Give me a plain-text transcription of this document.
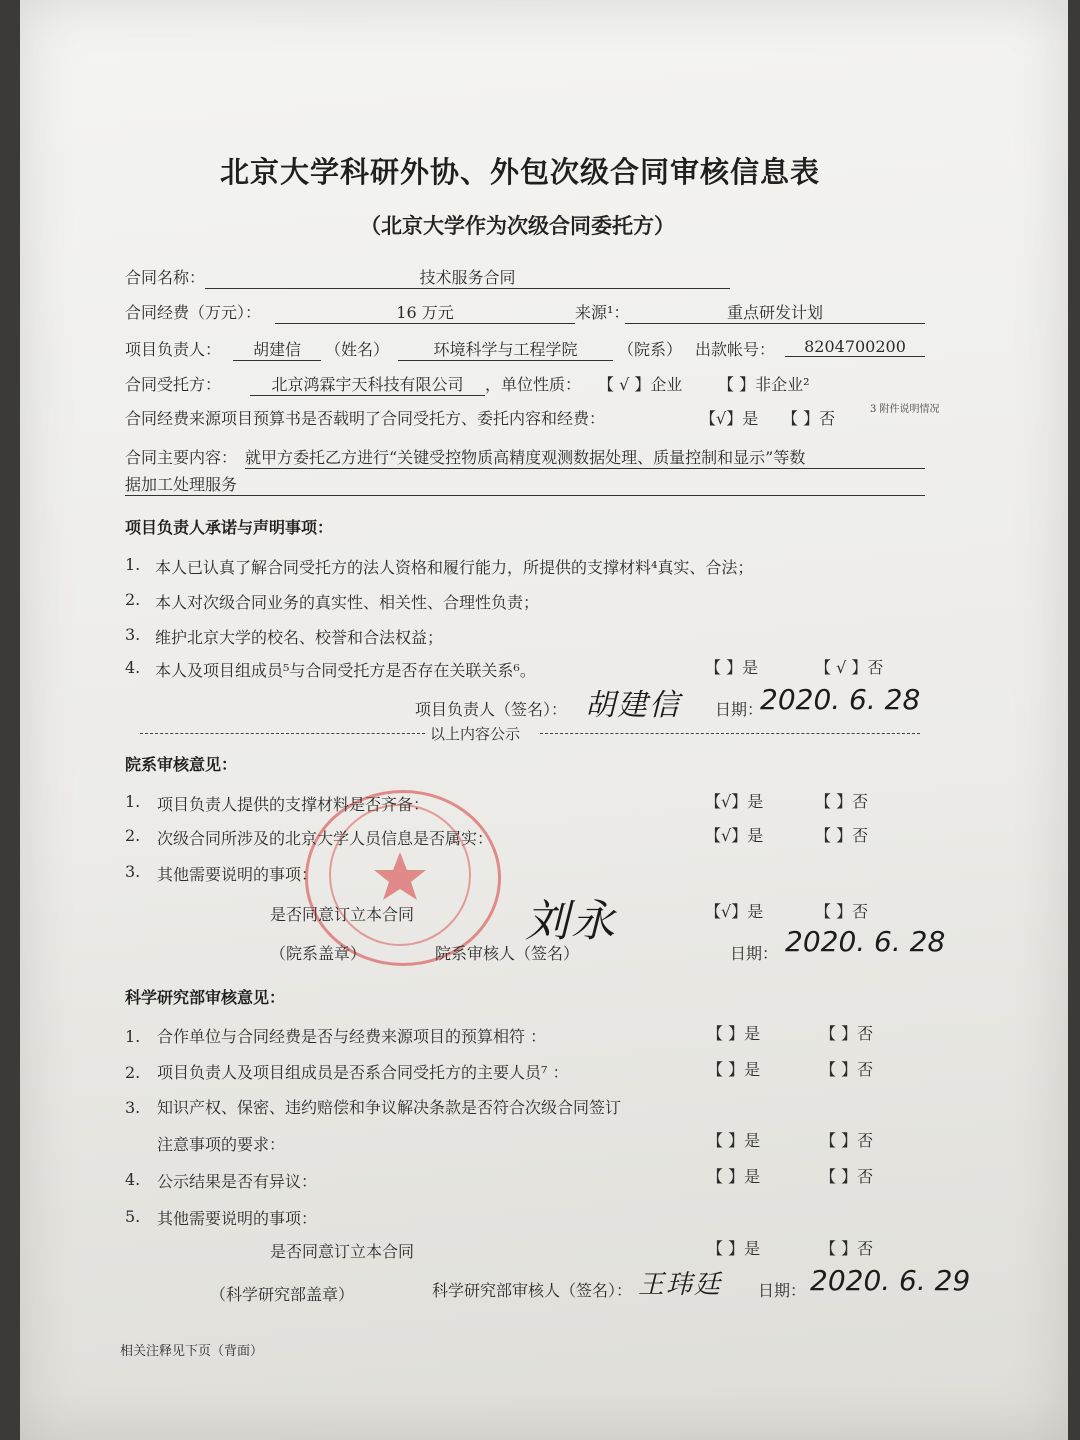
北京大学科研外协、外包次级合同审核信息表
（北京大学作为次级合同委托方）
合同名称：	技术服务合同
合同经费（万元）：	16 万元	来源¹：	重点研发计划
项目负责人：	胡建信	（姓名）	环境科学与工程学院	（院系） 出款帐号：	8204700200
合同受托方：	北京鸿霖宇天科技有限公司	，单位性质： 【 √ 】企业 【 】非企业²
合同经费来源项目预算书是否载明了合同受托方、委托内容和经费：	【√】是 【 】否	3 附件说明情况
合同主要内容： 就甲方委托乙方进行“关键受控物质高精度观测数据处理、质量控制和显示”等数
据加工处理服务
项目负责人承诺与声明事项：
1. 本人已认真了解合同受托方的法人资格和履行能力，所提供的支撑材料⁴真实、合法；
2. 本人对次级合同业务的真实性、相关性、合理性负责；
3. 维护北京大学的校名、校誉和合法权益；
4. 本人及项目组成员⁵与合同受托方是否存在关联关系⁶。	【 】是	【 √ 】否
项目负责人（签名）： 胡建信 日期：
2020. 6. 28
以上内容公示
院系审核意见：
1. 项目负责人提供的支撑材料是否齐备：	【√】是	【 】否
2. 次级合同所涉及的北京大学人员信息是否属实：	【√】是	【 】否
3. 其他需要说明的事项：
是否同意订立本合同	刘永	【√】是	【 】否
（院系盖章）	院系审核人（签名）	日期： 2020. 6. 28
科学研究部审核意见：
1. 合作单位与合同经费是否与经费来源项目的预算相符 ：	【 】是	【 】否
2. 项目负责人及项目组成员是否系合同受托方的主要人员⁷ ：	【 】是	【 】否
3. 知识产权、保密、违约赔偿和争议解决条款是否符合次级合同签订
注意事项的要求：	【 】是	【 】否
4. 公示结果是否有异议：	【 】是	【 】否
5. 其他需要说明的事项：
是否同意订立本合同	【 】是	【 】否
（科学研究部盖章）	科学研究部审核人（签名）： 王玮廷 日期： 2020. 6. 29
相关注释见下页（背面）
